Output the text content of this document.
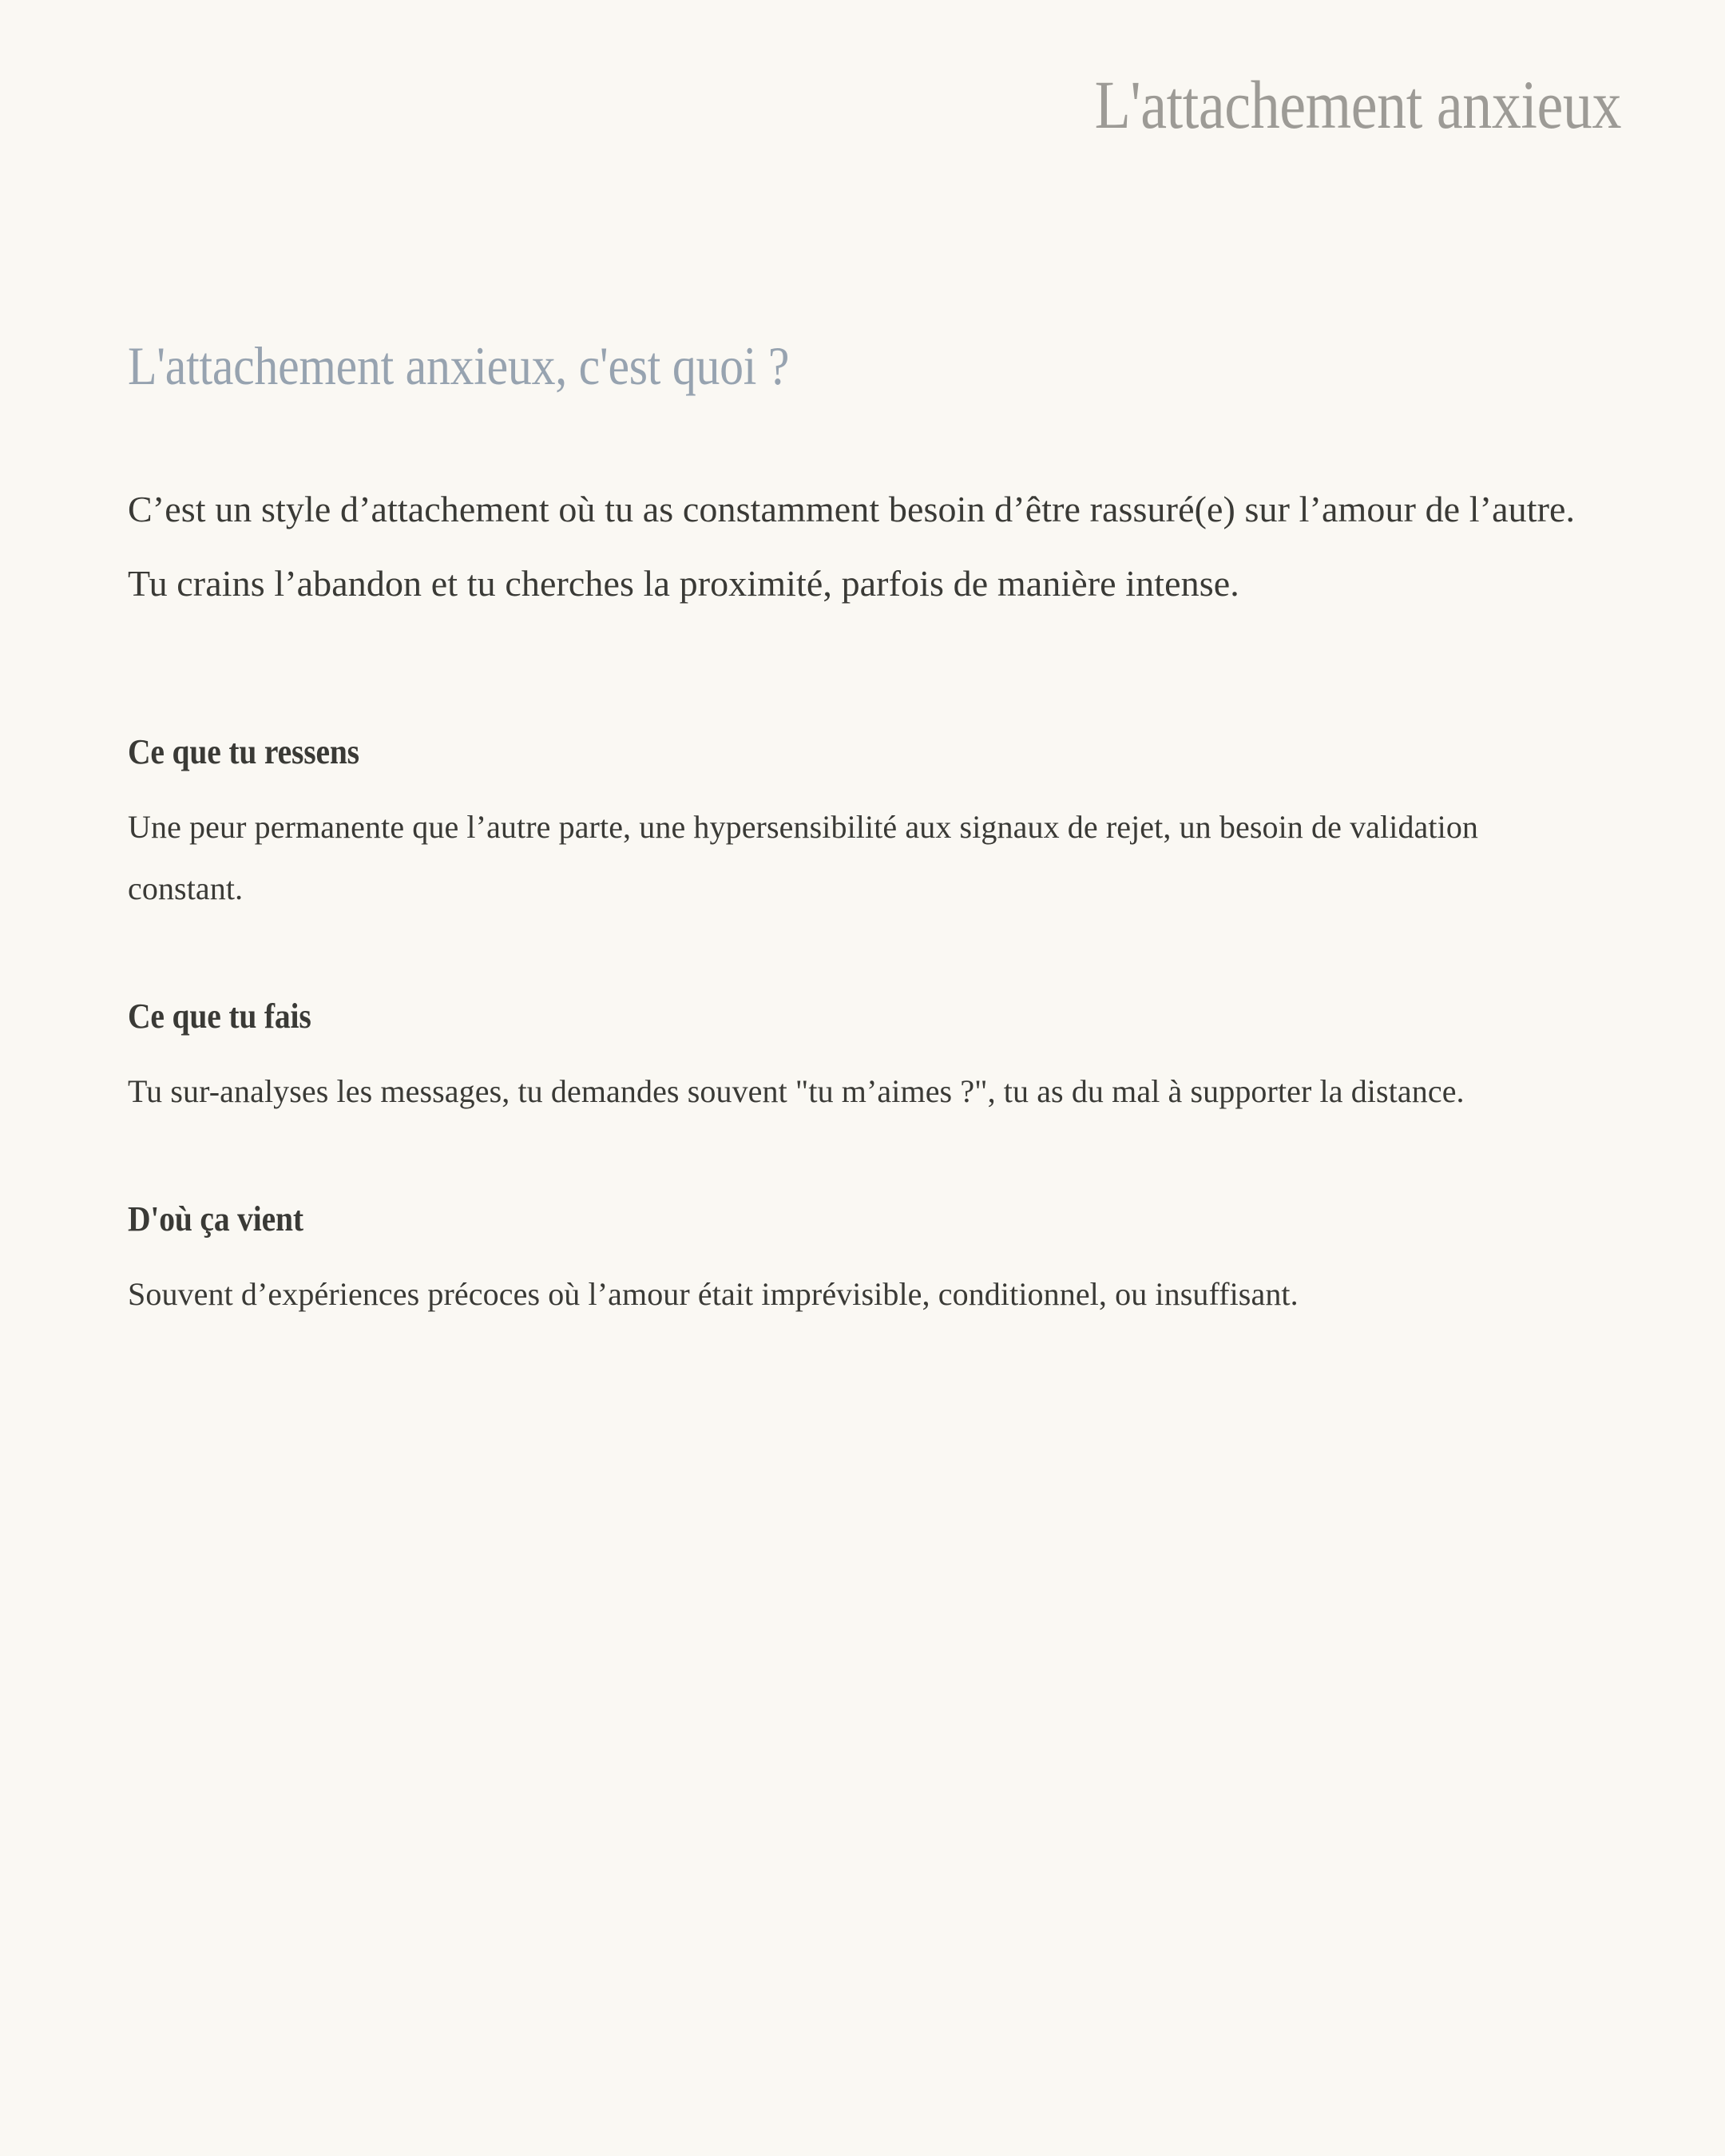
L'attachement anxieux
L'attachement anxieux, c'est quoi ?

C’est un style d’attachement où tu as constamment besoin d’être rassuré(e) sur l’amour de l’autre. Tu crains l’abandon et tu cherches la proximité, parfois de manière intense.

Ce que tu ressens

Une peur permanente que l’autre parte, une hypersensibilité aux signaux de rejet, un besoin de validation constant.

Ce que tu fais

Tu sur-analyses les messages, tu demandes souvent "tu m’aimes ?", tu as du mal à supporter la distance.

D'où ça vient

Souvent d’expériences précoces où l’amour était imprévisible, conditionnel, ou insuffisant.
